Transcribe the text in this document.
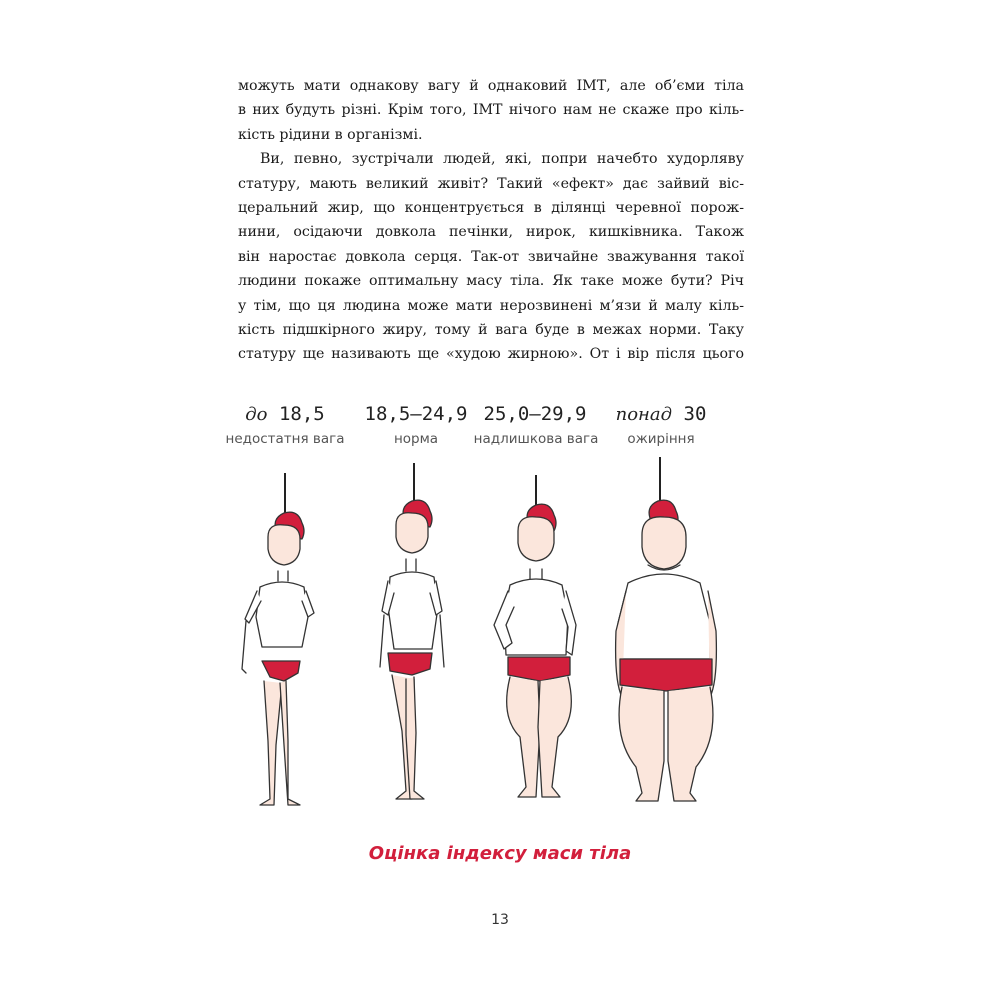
можуть мати однакову вагу й однаковий ІМТ, але об’єми тіла
в них будуть різні. Крім того, ІМТ нічого нам не скаже про кіль-
кість рідини в організмі.
Ви, певно, зустрічали людей, які, попри начебто худорляву
статуру, мають великий живіт? Такий «ефект» дає зайвий віс-
церальний жир, що концентрується в ділянці черевної порож-
нини, осідаючи довкола печінки, нирок, кишківника. Також
він наростає довкола серця. Так-от звичайне зважування такої
людини покаже оптимальну масу тіла. Як таке може бути? Річ
у тім, що ця людина може мати нерозвинені м’язи й малу кіль-
кість підшкірного жиру, тому й вага буде в межах норми. Таку
статуру ще називають ще «худою жирною». От і вір після цього
до 18,5
недостатня вага
18,5–24,9
норма
25,0–29,9
надлишкова вага
понад 30
ожиріння
Оцінка індексу маси тіла
13
